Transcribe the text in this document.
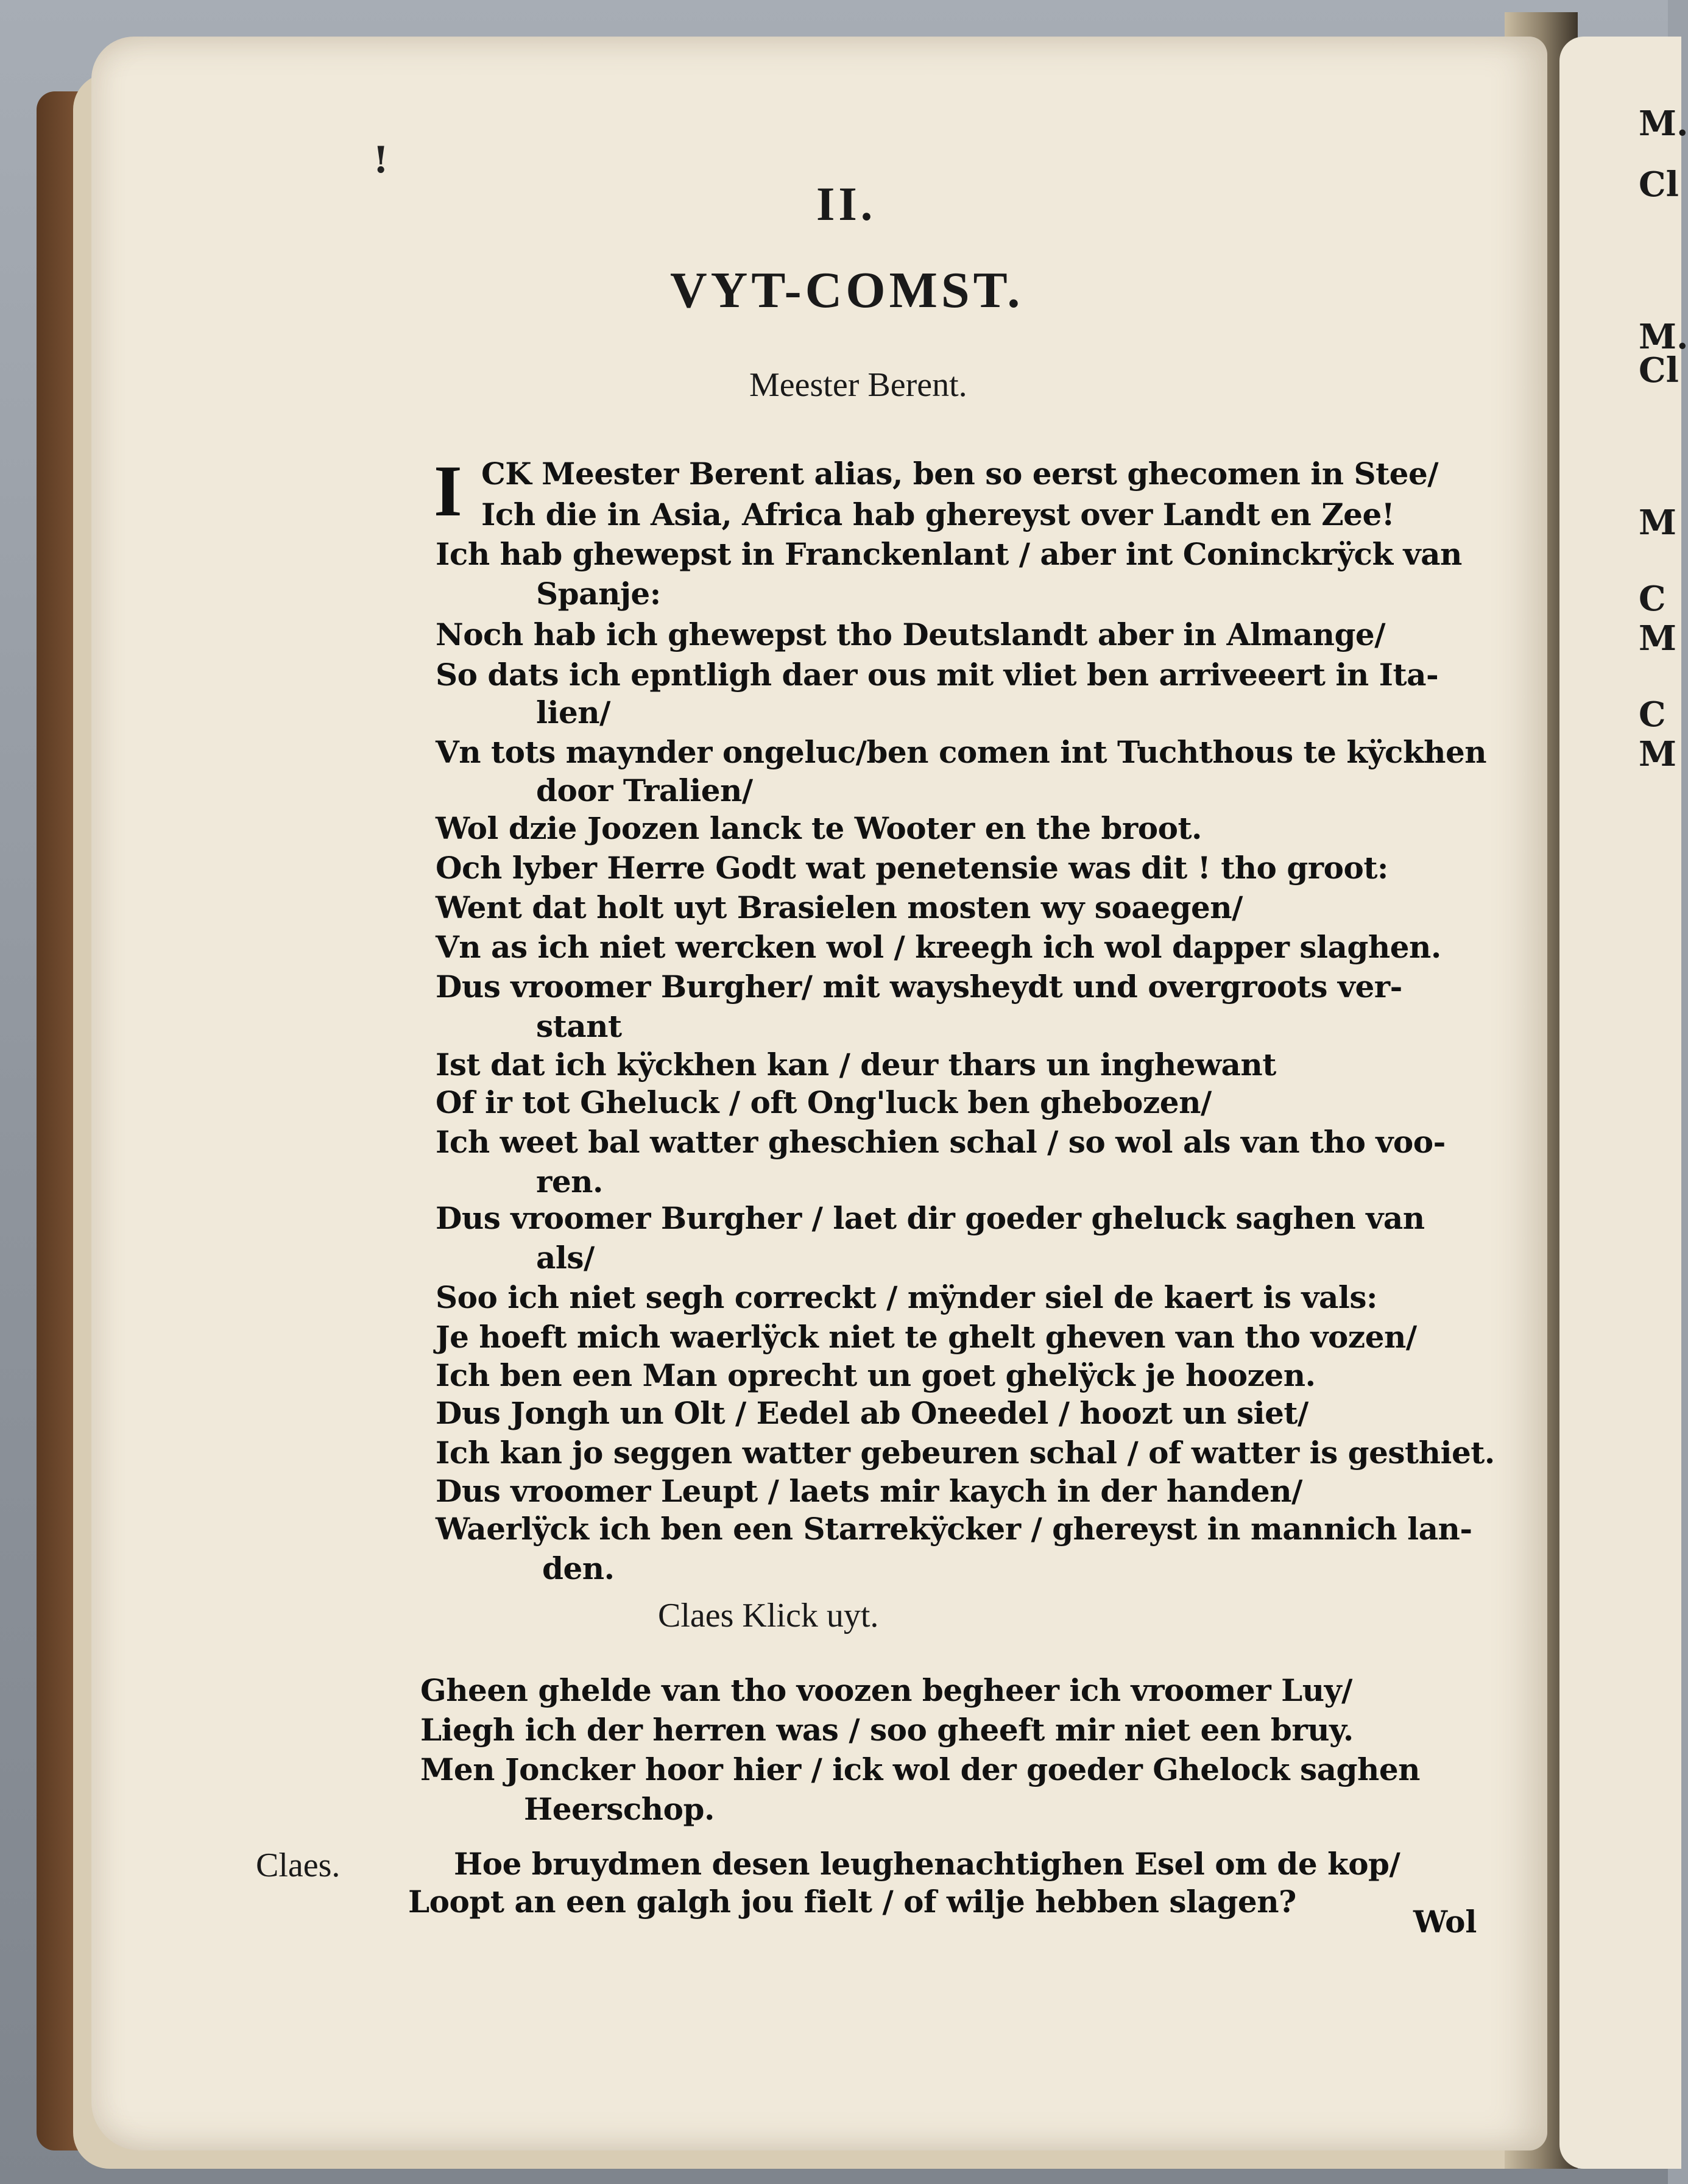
M.
Cl
M.
Cl
M
C
M
C
M
!
II.
VYT-COMST.
Meester Berent.
I CK Meester Berent alias, ben so eerst ghecomen in Stee/
Ich die in Asia, Africa hab ghereyst over Landt en Zee!
Ich hab ghewepst in Franckenlant / aber int Coninckrÿck van
Spanje:
Noch hab ich ghewepst tho Deutslandt aber in Almange/
So dats ich epntligh daer ous mit vliet ben arriveeert in Ita-
lien/
Vn tots maynder ongeluc/ben comen int Tuchthous te kÿckhen
door Tralien/
Wol dzie Joozen lanck te Wooter en the broot.
Och lyber Herre Godt wat penetensie was dit ! tho groot:
Went dat holt uyt Brasielen mosten wy soaegen/
Vn as ich niet wercken wol / kreegh ich wol dapper slaghen.
Dus vroomer Burgher/ mit waysheydt und overgroots ver-
stant
Ist dat ich kÿckhen kan / deur thars un inghewant
Of ir tot Gheluck / oft Ong'luck ben ghebozen/
Ich weet bal watter gheschien schal / so wol als van tho voo-
ren.
Dus vroomer Burgher / laet dir goeder gheluck saghen van
als/
Soo ich niet segh correckt / mÿnder siel de kaert is vals:
Je hoeft mich waerlÿck niet te ghelt gheven van tho vozen/
Ich ben een Man oprecht un goet ghelÿck je hoozen.
Dus Jongh un Olt / Eedel ab Oneedel / hoozt un siet/
Ich kan jo seggen watter gebeuren schal / of watter is gesthiet.
Dus vroomer Leupt / laets mir kaych in der handen/
Waerlÿck ich ben een Starrekÿcker / ghereyst in mannich lan-
den.
Claes Klick uyt.
Gheen ghelde van tho voozen begheer ich vroomer Luy/
Liegh ich der herren was / soo gheeft mir niet een bruy.
Men Joncker hoor hier / ick wol der goeder Ghelock saghen
Heerschop.
Hoe bruydmen desen leughenachtighen Esel om de kop/
Loopt an een galgh jou fielt / of wilje hebben slagen?
Claes.
Wol
